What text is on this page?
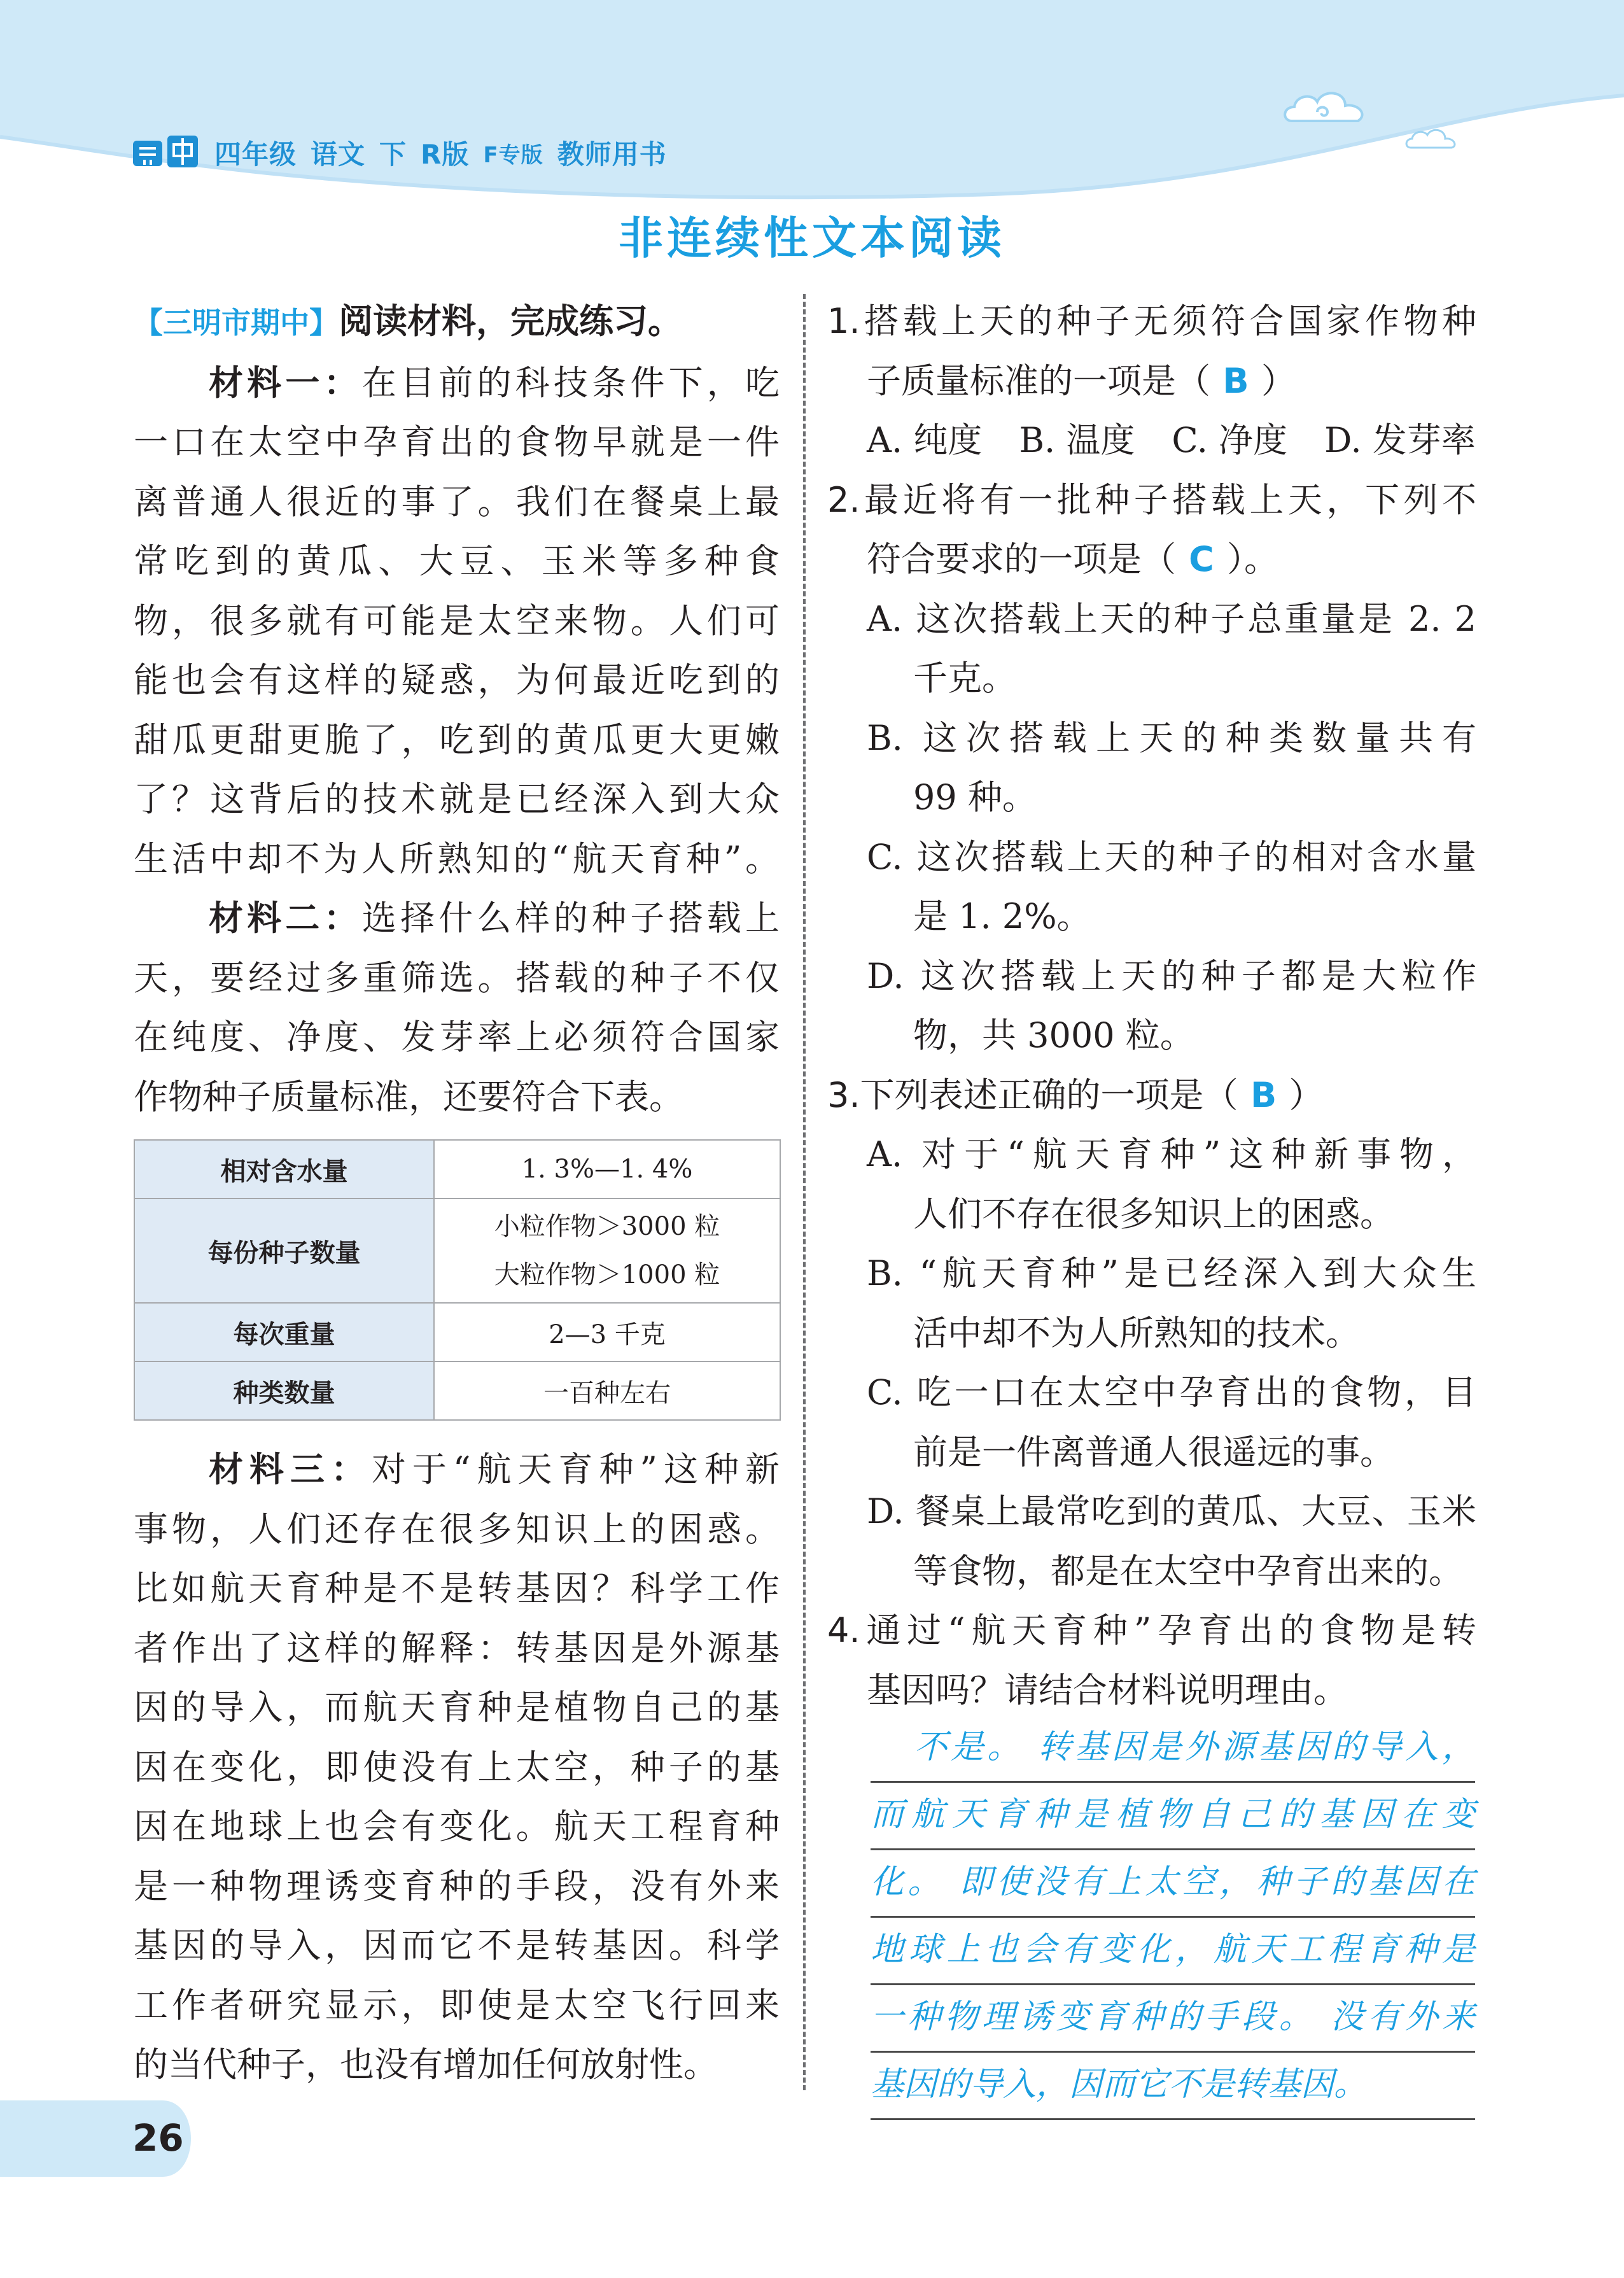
四年级 语文 下 R版 F专版 教师用书
非连续性文本阅读

【三明市期中】阅读材料，完成练习。

材料一：在目前的科技条件下，吃

一口在太空中孕育出的食物早就是一件

离普通人很近的事了。我们在餐桌上最

常吃到的黄瓜、大豆、玉米等多种食

物，很多就有可能是太空来物。人们可

能也会有这样的疑惑，为何最近吃到的

甜瓜更甜更脆了，吃到的黄瓜更大更嫩

了？这背后的技术就是已经深入到大众

生活中却不为人所熟知的“航天育种”。

材料二：选择什么样的种子搭载上

天，要经过多重筛选。搭载的种子不仅

在纯度、净度、发芽率上必须符合国家

作物种子质量标准，还要符合下表。

相对含水量	1. 3%—1. 4%
每份种子数量	小粒作物＞3000 粒
大粒作物＞1000 粒

每次重量	2—3 千克
种类数量	一百种左右

材料三：对于“航天育种”这种新

事物，人们还存在很多知识上的困惑。

比如航天育种是不是转基因？科学工作

者作出了这样的解释：转基因是外源基

因的导入，而航天育种是植物自己的基

因在变化，即使没有上太空，种子的基

因在地球上也会有变化。航天工程育种

是一种物理诱变育种的手段，没有外来

基因的导入，因而它不是转基因。科学

工作者研究显示，即使是太空飞行回来

的当代种子，也没有增加任何放射性。

1.搭载上天的种子无须符合国家作物种

子质量标准的一项是（ B ）

A. 纯度 B. 温度 C. 净度 D. 发芽率

2.最近将有一批种子搭载上天，下列不

符合要求的一项是（ C ）。

A. 这次搭载上天的种子总重量是 2. 2

千克。

B. 这次搭载上天的种类数量共有

99 种。

C. 这次搭载上天的种子的相对含水量

是 1. 2%。

D. 这次搭载上天的种子都是大粒作

物，共 3000 粒。

3.下列表述正确的一项是（ B ）

A. 对于“航天育种”这种新事物，

人们不存在很多知识上的困惑。

B. “航天育种”是已经深入到大众生

活中却不为人所熟知的技术。

C. 吃一口在太空中孕育出的食物，目

前是一件离普通人很遥远的事。

D. 餐桌上最常吃到的黄瓜、大豆、玉米

等食物，都是在太空中孕育出来的。

4.通过“航天育种”孕育出的食物是转

基因吗？请结合材料说明理由。

不是。 转基因是外源基因的导入，
而航天育种是植物自己的基因在变
化。 即使没有上太空，种子的基因在
地球上也会有变化，航天工程育种是
一种物理诱变育种的手段。 没有外来
基因的导入，因而它不是转基因。
26
